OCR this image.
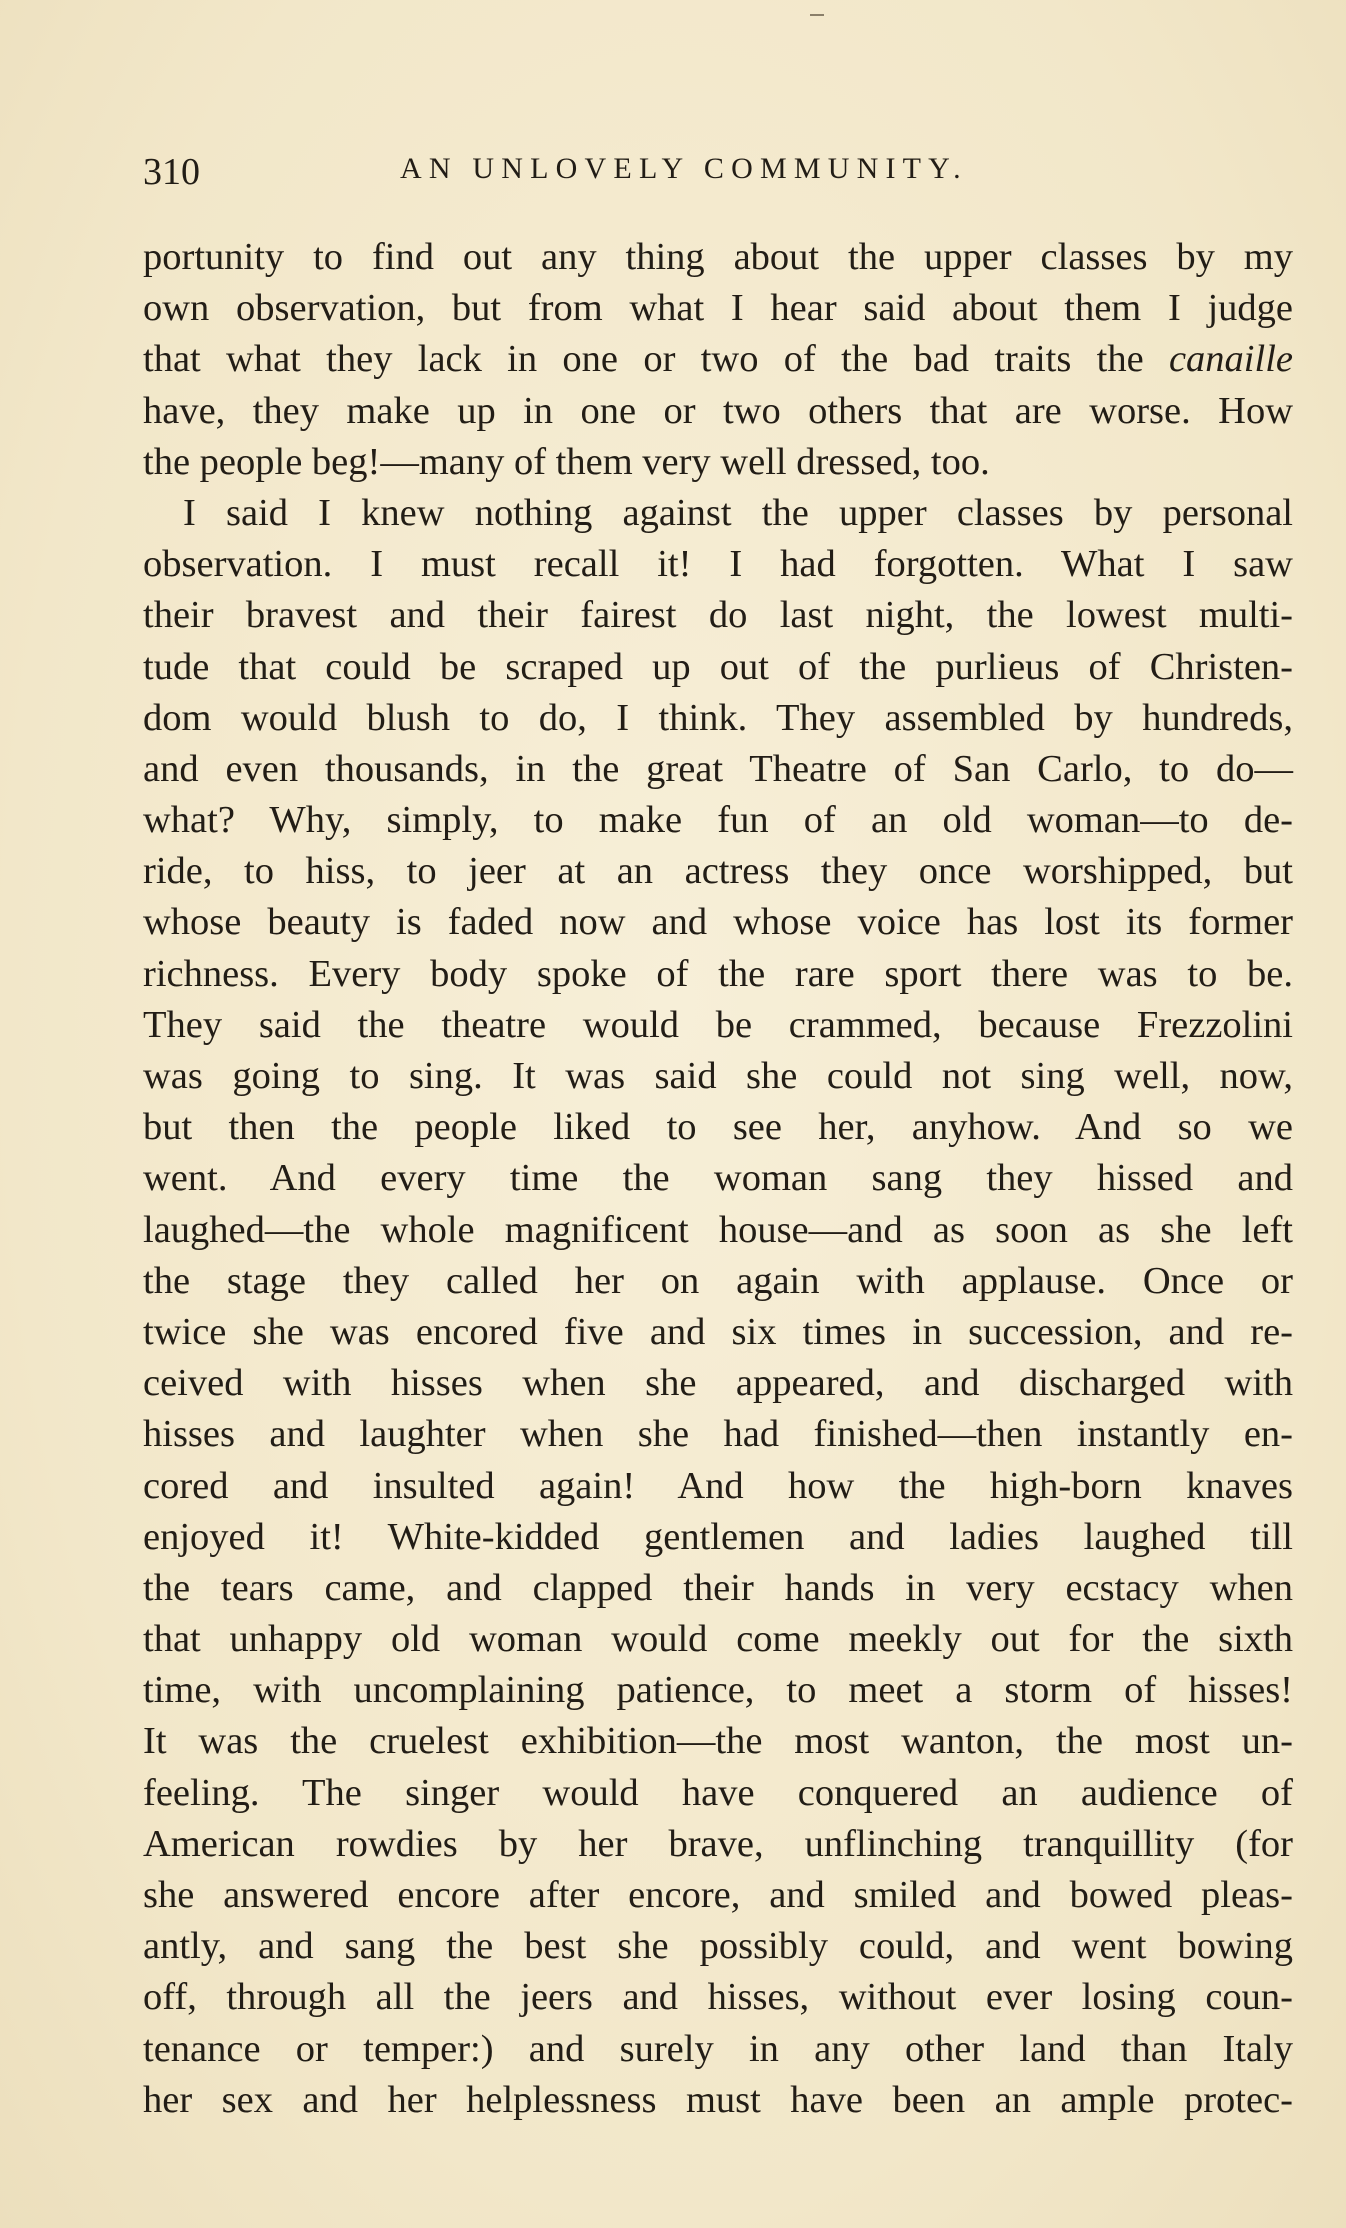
310	AN UNLOVELY COMMUNITY.
portunity to find out any thing about the upper classes by my
own observation, but from what I hear said about them I judge
that what they lack in one or two of the bad traits the canaille
have, they make up in one or two others that are worse. How
the people beg!—many of them very well dressed, too.
I said I knew nothing against the upper classes by personal
observation. I must recall it! I had forgotten. What I saw
their bravest and their fairest do last night, the lowest multi-
tude that could be scraped up out of the purlieus of Christen-
dom would blush to do, I think. They assembled by hundreds,
and even thousands, in the great Theatre of San Carlo, to do—
what? Why, simply, to make fun of an old woman—to de-
ride, to hiss, to jeer at an actress they once worshipped, but
whose beauty is faded now and whose voice has lost its former
richness. Every body spoke of the rare sport there was to be.
They said the theatre would be crammed, because Frezzolini
was going to sing. It was said she could not sing well, now,
but then the people liked to see her, anyhow. And so we
went. And every time the woman sang they hissed and
laughed—the whole magnificent house—and as soon as she left
the stage they called her on again with applause. Once or
twice she was encored five and six times in succession, and re-
ceived with hisses when she appeared, and discharged with
hisses and laughter when she had finished—then instantly en-
cored and insulted again! And how the high-born knaves
enjoyed it! White-kidded gentlemen and ladies laughed till
the tears came, and clapped their hands in very ecstacy when
that unhappy old woman would come meekly out for the sixth
time, with uncomplaining patience, to meet a storm of hisses!
It was the cruelest exhibition—the most wanton, the most un-
feeling. The singer would have conquered an audience of
American rowdies by her brave, unflinching tranquillity (for
she answered encore after encore, and smiled and bowed pleas-
antly, and sang the best she possibly could, and went bowing
off, through all the jeers and hisses, without ever losing coun-
tenance or temper:) and surely in any other land than Italy
her sex and her helplessness must have been an ample protec-
